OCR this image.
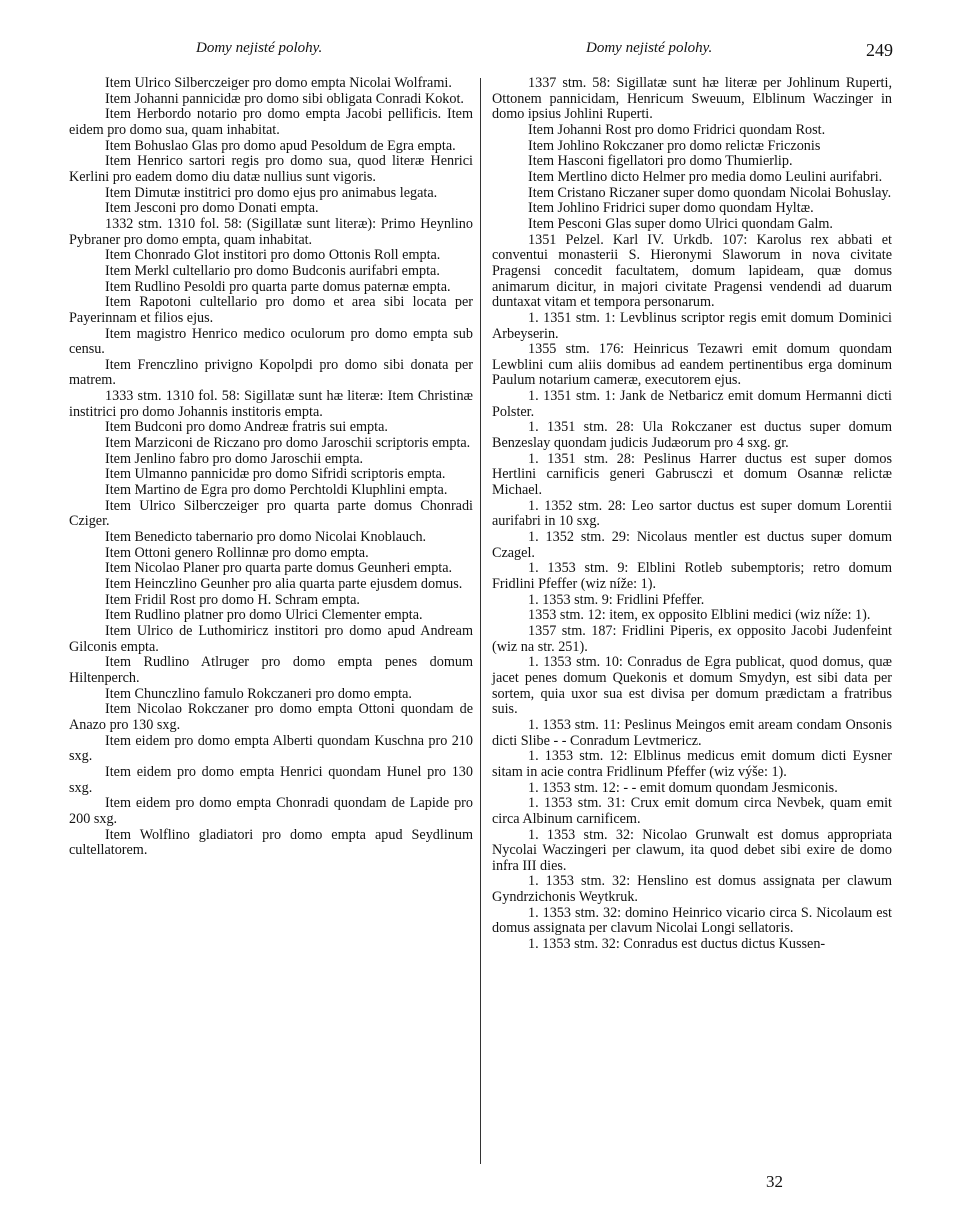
Domy nejisté polohy.	Domy nejisté polohy.	249

Item Ulrico Silberczeiger pro domo empta Nicolai Wolframi.

Item Johanni pannicidæ pro domo sibi obligata Conradi Kokot.

Item Herbordo notario pro domo empta Jacobi pellificis. Item eidem pro domo sua, quam inhabitat.

Item Bohuslao Glas pro domo apud Pesoldum de Egra empta.

Item Henrico sartori regis pro domo sua, quod literæ Henrici Kerlini pro eadem domo diu datæ nullius sunt vigoris.

Item Dimutæ institrici pro domo ejus pro animabus legata.

Item Jesconi pro domo Donati empta.

1332 stm. 1310 fol. 58: (Sigillatæ sunt literæ): Primo Heynlino Pybraner pro domo empta, quam inhabitat.

Item Chonrado Glot institori pro domo Ottonis Roll empta.

Item Merkl cultellario pro domo Budconis aurifabri empta.

Item Rudlino Pesoldi pro quarta parte domus paternæ empta.

Item Rapotoni cultellario pro domo et area sibi locata per Payerinnam et filios ejus.

Item magistro Henrico medico oculorum pro domo empta sub censu.

Item Frenczlino privigno Kopolpdi pro domo sibi donata per matrem.

1333 stm. 1310 fol. 58: Sigillatæ sunt hæ literæ: Item Christinæ institrici pro domo Johannis institoris empta.

Item Budconi pro domo Andreæ fratris sui empta.

Item Marziconi de Riczano pro domo Jaroschii scriptoris empta.

Item Jenlino fabro pro domo Jaroschii empta.

Item Ulmanno pannicidæ pro domo Sifridi scriptoris empta.

Item Martino de Egra pro domo Perchtoldi Kluphlini empta.

Item Ulrico Silberczeiger pro quarta parte domus Chonradi Cziger.

Item Benedicto tabernario pro domo Nicolai Knoblauch.

Item Ottoni genero Rollinnæ pro domo empta.

Item Nicolao Planer pro quarta parte domus Geunheri empta.

Item Heinczlino Geunher pro alia quarta parte ejusdem domus.

Item Fridil Rost pro domo H. Schram empta.

Item Rudlino platner pro domo Ulrici Clementer empta.

Item Ulrico de Luthomiricz institori pro domo apud Andream Gilconis empta.

Item Rudlino Atlruger pro domo empta penes domum Hiltenperch.

Item Chunczlino famulo Rokczaneri pro domo empta.

Item Nicolao Rokczaner pro domo empta Ottoni quondam de Anazo pro 130 sxg.

Item eidem pro domo empta Alberti quondam Kuschna pro 210 sxg.

Item eidem pro domo empta Henrici quondam Hunel pro 130 sxg.

Item eidem pro domo empta Chonradi quondam de Lapide pro 200 sxg.

Item Wolflino gladiatori pro domo empta apud Seydlinum cultellatorem.

1337 stm. 58: Sigillatæ sunt hæ literæ per Johlinum Ruperti, Ottonem pannicidam, Henricum Sweuum, Elblinum Waczinger in domo ipsius Johlini Ruperti.

Item Johanni Rost pro domo Fridrici quondam Rost.

Item Johlino Rokczaner pro domo relictæ Friczonis

Item Hasconi figellatori pro domo Thumierlip.

Item Mertlino dicto Helmer pro media domo Leulini aurifabri.

Item Cristano Riczaner super domo quondam Nicolai Bohuslay.

Item Johlino Fridrici super domo quondam Hyltæ.

Item Pesconi Glas super domo Ulrici quondam Galm.

1351 Pelzel. Karl IV. Urkdb. 107: Karolus rex abbati et conventui monasterii S. Hieronymi Slaworum in nova civitate Pragensi concedit facultatem, domum lapideam, quæ domus animarum dicitur, in majori civitate Pragensi vendendi ad duarum duntaxat vitam et tempora personarum.

1. 1351 stm. 1: Levblinus scriptor regis emit domum Dominici Arbeyserin.

1355 stm. 176: Heinricus Tezawri emit domum quondam Lewblini cum aliis domibus ad eandem pertinentibus erga dominum Paulum notarium cameræ, executorem ejus.

1. 1351 stm. 1: Jank de Netbaricz emit domum Hermanni dicti Polster.

1. 1351 stm. 28: Ula Rokczaner est ductus super domum Benzeslay quondam judicis Judæorum pro 4 sxg. gr.

1. 1351 stm. 28: Peslinus Harrer ductus est super domos Hertlini carnificis generi Gabrusczi et domum Osannæ relictæ Michael.

1. 1352 stm. 28: Leo sartor ductus est super domum Lorentii aurifabri in 10 sxg.

1. 1352 stm. 29: Nicolaus mentler est ductus super domum Czagel.

1. 1353 stm. 9: Elblini Rotleb subemptoris; retro domum Fridlini Pfeffer (wiz níže: 1).

1. 1353 stm. 9: Fridlini Pfeffer.

1353 stm. 12: item, ex opposito Elblini medici (wiz níže: 1).

1357 stm. 187: Fridlini Piperis, ex opposito Jacobi Judenfeint (wiz na str. 251).

1. 1353 stm. 10: Conradus de Egra publicat, quod domus, quæ jacet penes domum Quekonis et domum Smydyn, est sibi data per sortem, quia uxor sua est divisa per domum prædictam a fratribus suis.

1. 1353 stm. 11: Peslinus Meingos emit aream condam Onsonis dicti Slibe - - Conradum Levtmericz.

1. 1353 stm. 12: Elblinus medicus emit domum dicti Eysner sitam in acie contra Fridlinum Pfeffer (wiz výše: 1).

1. 1353 stm. 12: - - emit domum quondam Jesmiconis.

1. 1353 stm. 31: Crux emit domum circa Nevbek, quam emit circa Albinum carnificem.

1. 1353 stm. 32: Nicolao Grunwalt est domus appropriata Nycolai Waczingeri per clawum, ita quod debet sibi exire de domo infra III dies.

1. 1353 stm. 32: Henslino est domus assignata per clawum Gyndrzichonis Weytkruk.

1. 1353 stm. 32: domino Heinrico vicario circa S. Nicolaum est domus assignata per clavum Nicolai Longi sellatoris.

1. 1353 stm. 32: Conradus est ductus dictus Kussen-

32
